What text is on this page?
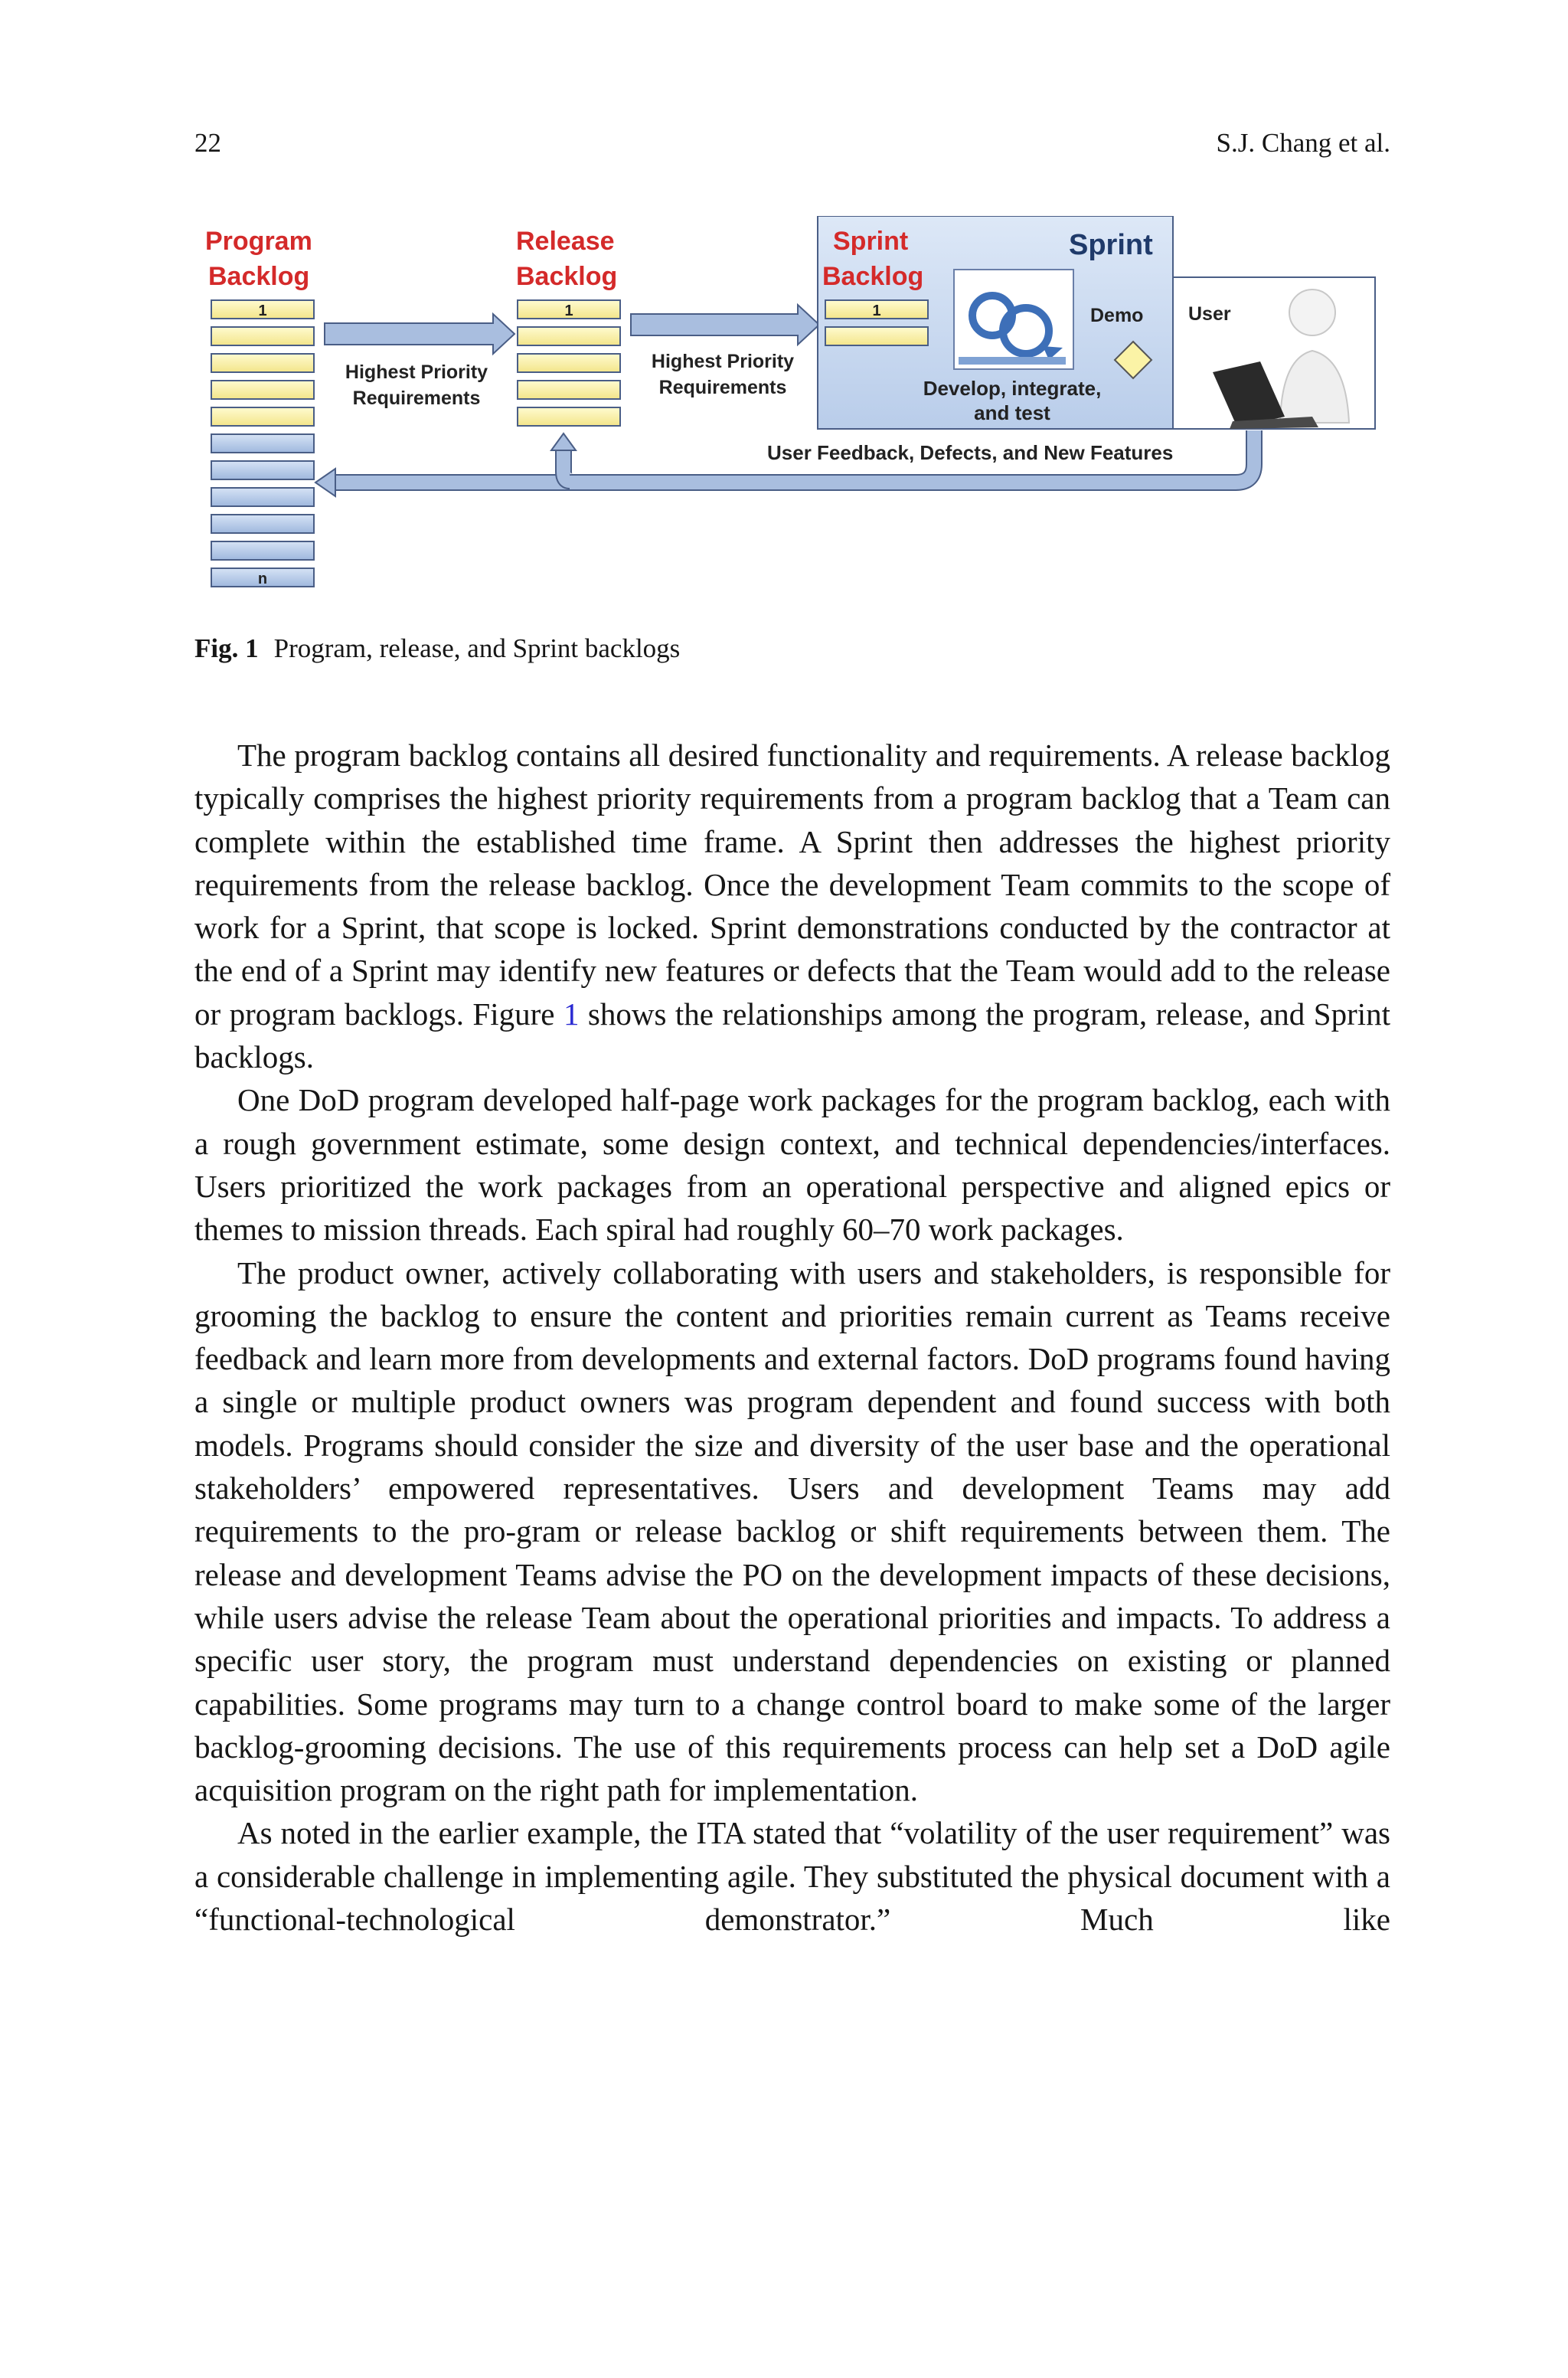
22	S.J. Chang et al.
Program
Backlog
1
n
Highest Priority
Requirements
Release
Backlog
1
Highest Priority
Requirements
Sprint
Backlog
Sprint
1	Demo
Develop, integrate,
and test
User
User Feedback, Defects, and New Features
Fig. 1 Program, release, and Sprint backlogs

The program backlog contains all desired functionality and requirements. A release backlog typically comprises the highest priority requirements from a program backlog that a Team can complete within the established time frame. A Sprint then addresses the highest priority requirements from the release backlog. Once the development Team commits to the scope of work for a Sprint, that scope is locked. Sprint demonstrations conducted by the contractor at the end of a Sprint may identify new features or defects that the Team would add to the release or program backlogs. Figure 1 shows the relationships among the program, release, and Sprint backlogs.

One DoD program developed half-page work packages for the program backlog, each with a rough government estimate, some design context, and technical dependencies/interfaces. Users prioritized the work packages from an operational perspective and aligned epics or themes to mission threads. Each spiral had roughly 60–70 work packages.

The product owner, actively collaborating with users and stakeholders, is responsible for grooming the backlog to ensure the content and priorities remain current as Teams receive feedback and learn more from developments and external factors. DoD programs found having a single or multiple product owners was program dependent and found success with both models. Programs should consider the size and diversity of the user base and the operational stakeholders’ empowered representatives. Users and development Teams may add requirements to the pro-gram or release backlog or shift requirements between them. The release and development Teams advise the PO on the development impacts of these decisions, while users advise the release Team about the operational priorities and impacts. To address a specific user story, the program must understand dependencies on existing or planned capabilities. Some programs may turn to a change control board to make some of the larger backlog-grooming decisions. The use of this requirements process can help set a DoD agile acquisition program on the right path for implementation.

As noted in the earlier example, the ITA stated that “volatility of the user requirement” was a considerable challenge in implementing agile. They substituted the physical document with a “functional-technological demonstrator.” Much like
